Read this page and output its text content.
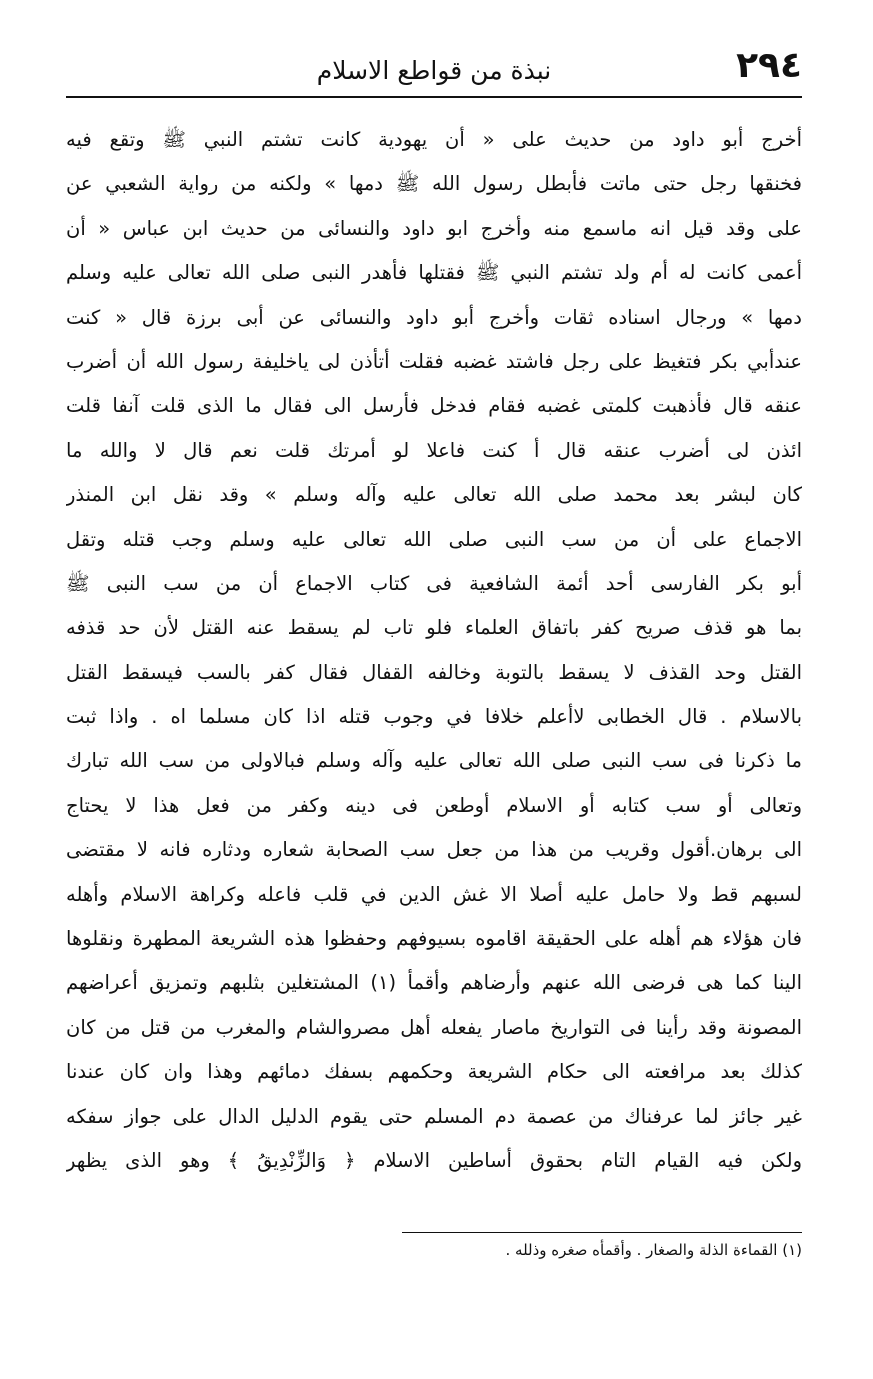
٢٩٤
نبذة من قواطع الاسلام
أخرج أبو داود من حديث على « أن يهودية كانت تشتم النبي ﷺ وتقع فيه
فخنقها رجل حتى ماتت فأبطل رسول الله ﷺ دمها » ولكنه من رواية الشعبي عن
على وقد قيل انه ماسمع منه وأخرج ابو داود والنسائى من حديث ابن عباس « أن
أعمى كانت له أم ولد تشتم النبي ﷺ فقتلها فأهدر النبى صلى الله تعالى عليه وسلم
دمها » ورجال اسناده ثقات وأخرج أبو داود والنسائى عن أبى برزة قال « كنت
عندأبي بكر فتغيظ على رجل فاشتد غضبه فقلت أتأذن لى ياخليفة رسول الله أن أضرب
عنقه قال فأذهبت كلمتى غضبه فقام فدخل فأرسل الى فقال ما الذى قلت آنفا قلت
ائذن لى أضرب عنقه قال أ كنت فاعلا لو أمرتك قلت نعم قال لا والله ما
كان لبشر بعد محمد صلى الله تعالى عليه وآله وسلم » وقد نقل ابن المنذر
الاجماع على أن من سب النبى صلى الله تعالى عليه وسلم وجب قتله وتقل
أبو بكر الفارسى أحد أئمة الشافعية فى كتاب الاجماع أن من سب النبى ﷺ
بما هو قذف صريح كفر باتفاق العلماء فلو تاب لم يسقط عنه القتل لأن حد قذفه
القتل وحد القذف لا يسقط بالتوبة وخالفه القفال فقال كفر بالسب فيسقط القتل
بالاسلام . قال الخطابى لاأعلم خلافا في وجوب قتله اذا كان مسلما اه . واذا ثبت
ما ذكرنا فى سب النبى صلى الله تعالى عليه وآله وسلم فبالاولى من سب الله تبارك
وتعالى أو سب كتابه أو الاسلام أوطعن فى دينه وكفر من فعل هذا لا يحتاج
الى برهان.أقول وقريب من هذا من جعل سب الصحابة شعاره ودثاره فانه لا مقتضى
لسبهم قط ولا حامل عليه أصلا الا غش الدين في قلب فاعله وكراهة الاسلام وأهله
فان هؤلاء هم أهله على الحقيقة اقاموه بسيوفهم وحفظوا هذه الشريعة المطهرة ونقلوها
الينا كما هى فرضى الله عنهم وأرضاهم وأقمأ (١) المشتغلين بثلبهم وتمزيق أعراضهم
المصونة وقد رأينا فى التواريخ ماصار يفعله أهل مصروالشام والمغرب من قتل من كان
كذلك بعد مرافعته الى حكام الشريعة وحكمهم بسفك دمائهم وهذا وان كان عندنا
غير جائز لما عرفناك من عصمة دم المسلم حتى يقوم الدليل الدال على جواز سفكه
ولكن فيه القيام التام بحقوق أساطين الاسلام ﴿ وَالزِّنْدِيقُ ﴾ وهو الذى يظهر
(١) القماءة الذلة والصغار . وأقمأه صغره وذلله .
